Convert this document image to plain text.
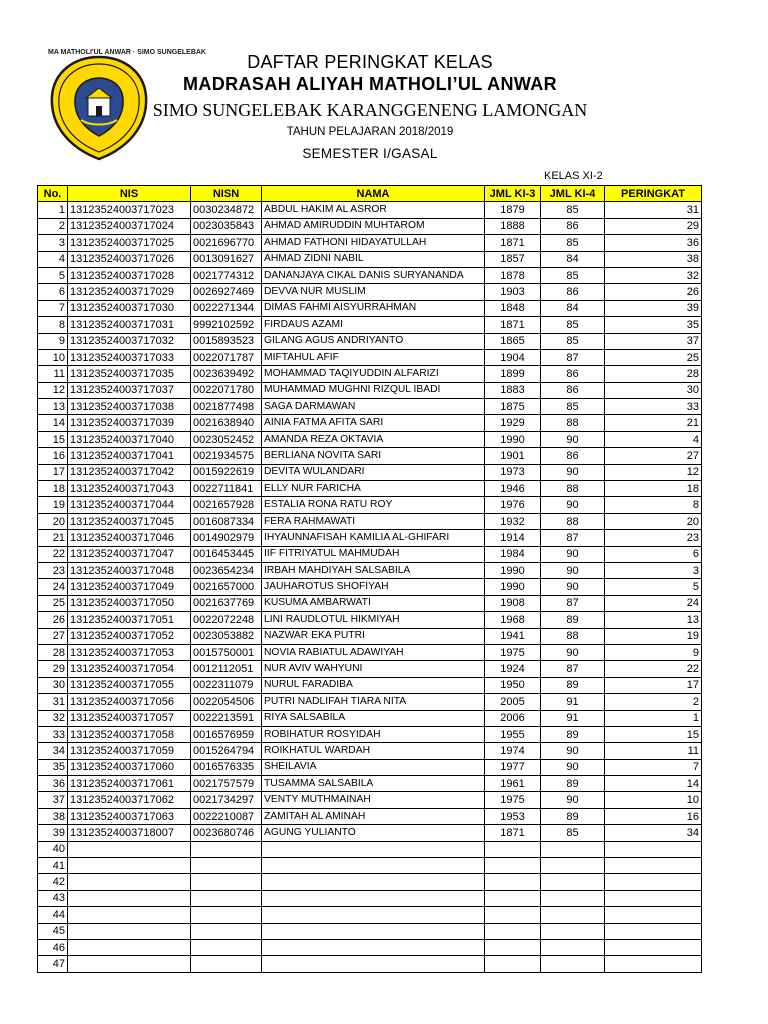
MA MATHOLI'UL ANWAR · SIMO SUNGELEBAK	DAFTAR PERINGKAT KELAS
MADRASAH ALIYAH MATHOLI’UL ANWAR
SIMO SUNGELEBAK KARANGGENENG LAMONGAN
TAHUN PELAJARAN 2018/2019
SEMESTER I/GASAL
KELAS XI-2
No.	NIS	NISN	NAMA	JML KI-3	JML KI-4	PERINGKAT
1	13123524003717023	0030234872	ABDUL HAKIM AL ASROR	1879	85	31
2	13123524003717024	0023035843	AHMAD AMIRUDDIN MUHTAROM	1888	86	29
3	13123524003717025	0021696770	AHMAD FATHONI HIDAYATULLAH	1871	85	36
4	13123524003717026	0013091627	AHMAD ZIDNI NABIL	1857	84	38
5	13123524003717028	0021774312	DANANJAYA CIKAL DANIS SURYANANDA	1878	85	32
6	13123524003717029	0026927469	DEVVA NUR MUSLIM	1903	86	26
7	13123524003717030	0022271344	DIMAS FAHMI AISYURRAHMAN	1848	84	39
8	13123524003717031	9992102592	FIRDAUS AZAMI	1871	85	35
9	13123524003717032	0015893523	GILANG AGUS ANDRIYANTO	1865	85	37
10	13123524003717033	0022071787	MIFTAHUL AFIF	1904	87	25
11	13123524003717035	0023639492	MOHAMMAD TAQIYUDDIN ALFARIZI	1899	86	28
12	13123524003717037	0022071780	MUHAMMAD MUGHNI RIZQUL IBADI	1883	86	30
13	13123524003717038	0021877498	SAGA DARMAWAN	1875	85	33
14	13123524003717039	0021638940	AINIA FATMA AFITA SARI	1929	88	21
15	13123524003717040	0023052452	AMANDA REZA OKTAVIA	1990	90	4
16	13123524003717041	0021934575	BERLIANA NOVITA SARI	1901	86	27
17	13123524003717042	0015922619	DEVITA WULANDARI	1973	90	12
18	13123524003717043	0022711841	ELLY NUR FARICHA	1946	88	18
19	13123524003717044	0021657928	ESTALIA RONA RATU ROY	1976	90	8
20	13123524003717045	0016087334	FERA RAHMAWATI	1932	88	20
21	13123524003717046	0014902979	IHYAUNNAFISAH KAMILIA AL-GHIFARI	1914	87	23
22	13123524003717047	0016453445	IIF FITRIYATUL MAHMUDAH	1984	90	6
23	13123524003717048	0023654234	IRBAH MAHDIYAH SALSABILA	1990	90	3
24	13123524003717049	0021657000	JAUHAROTUS SHOFIYAH	1990	90	5
25	13123524003717050	0021637769	KUSUMA AMBARWATI	1908	87	24
26	13123524003717051	0022072248	LINI RAUDLOTUL HIKMIYAH	1968	89	13
27	13123524003717052	0023053882	NAZWAR EKA PUTRI	1941	88	19
28	13123524003717053	0015750001	NOVIA RABIATUL ADAWIYAH	1975	90	9
29	13123524003717054	0012112051	NUR AVIV WAHYUNI	1924	87	22
30	13123524003717055	0022311079	NURUL FARADIBA	1950	89	17
31	13123524003717056	0022054506	PUTRI NADLIFAH TIARA NITA	2005	91	2
32	13123524003717057	0022213591	RIYA SALSABILA	2006	91	1
33	13123524003717058	0016576959	ROBIHATUR ROSYIDAH	1955	89	15
34	13123524003717059	0015264794	ROIKHATUL WARDAH	1974	90	11
35	13123524003717060	0016576335	SHEILAVIA	1977	90	7
36	13123524003717061	0021757579	TUSAMMA SALSABILA	1961	89	14
37	13123524003717062	0021734297	VENTY MUTHMAINAH	1975	90	10
38	13123524003717063	0022210087	ZAMITAH AL AMINAH	1953	89	16
39	13123524003718007	0023680746	AGUNG YULIANTO	1871	85	34
40						
41						
42						
43						
44						
45						
46						
47						
